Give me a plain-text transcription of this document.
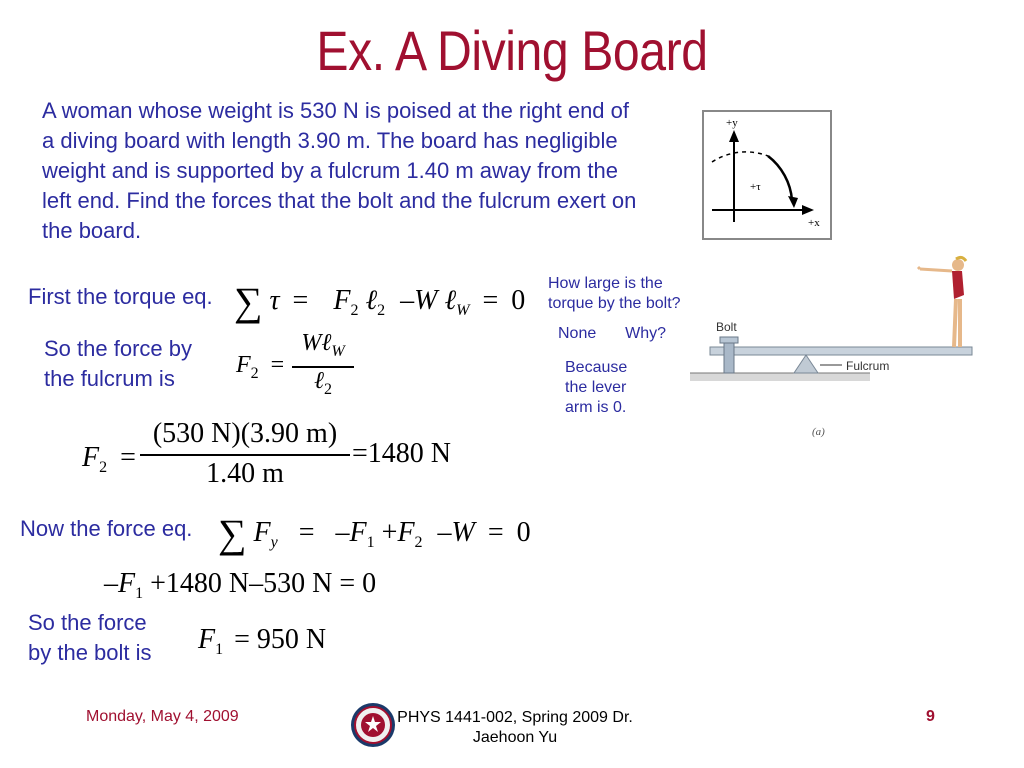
Ex. A Diving Board
A woman whose weight is 530 N is poised at the right end of a diving board with length 3.90 m. The board has negligible weight and is supported by a fulcrum 1.40 m away from the left end. Find the forces that the bolt and the fulcrum exert on the board.
+y
+x
+τ
Bolt
Fulcrum
(a)
How large is the
torque by the bolt?
None Why?
Because
the lever
arm is 0.
First the torque eq. ∑ $\tau = F_2$ ℓ$_2$ –W ℓ$_W$ = 0
So the force by
the fulcrum is
$F_2$ =
Wℓ$_W$
ℓ$_2$
$F_2$ =
(530 N)(3.90 m)
1.40 m
=1480 N
Now the force eq. ∑ $F_y = -F_1 +F_2$ –W = 0
$-F_1 +1480$ N–530 N = 0
So the force
by the bolt is $F_1 = 950$ N
Monday, May 4, 2009	PHYS 1441-002, Spring 2009 Dr.
Jaehoon Yu
9
